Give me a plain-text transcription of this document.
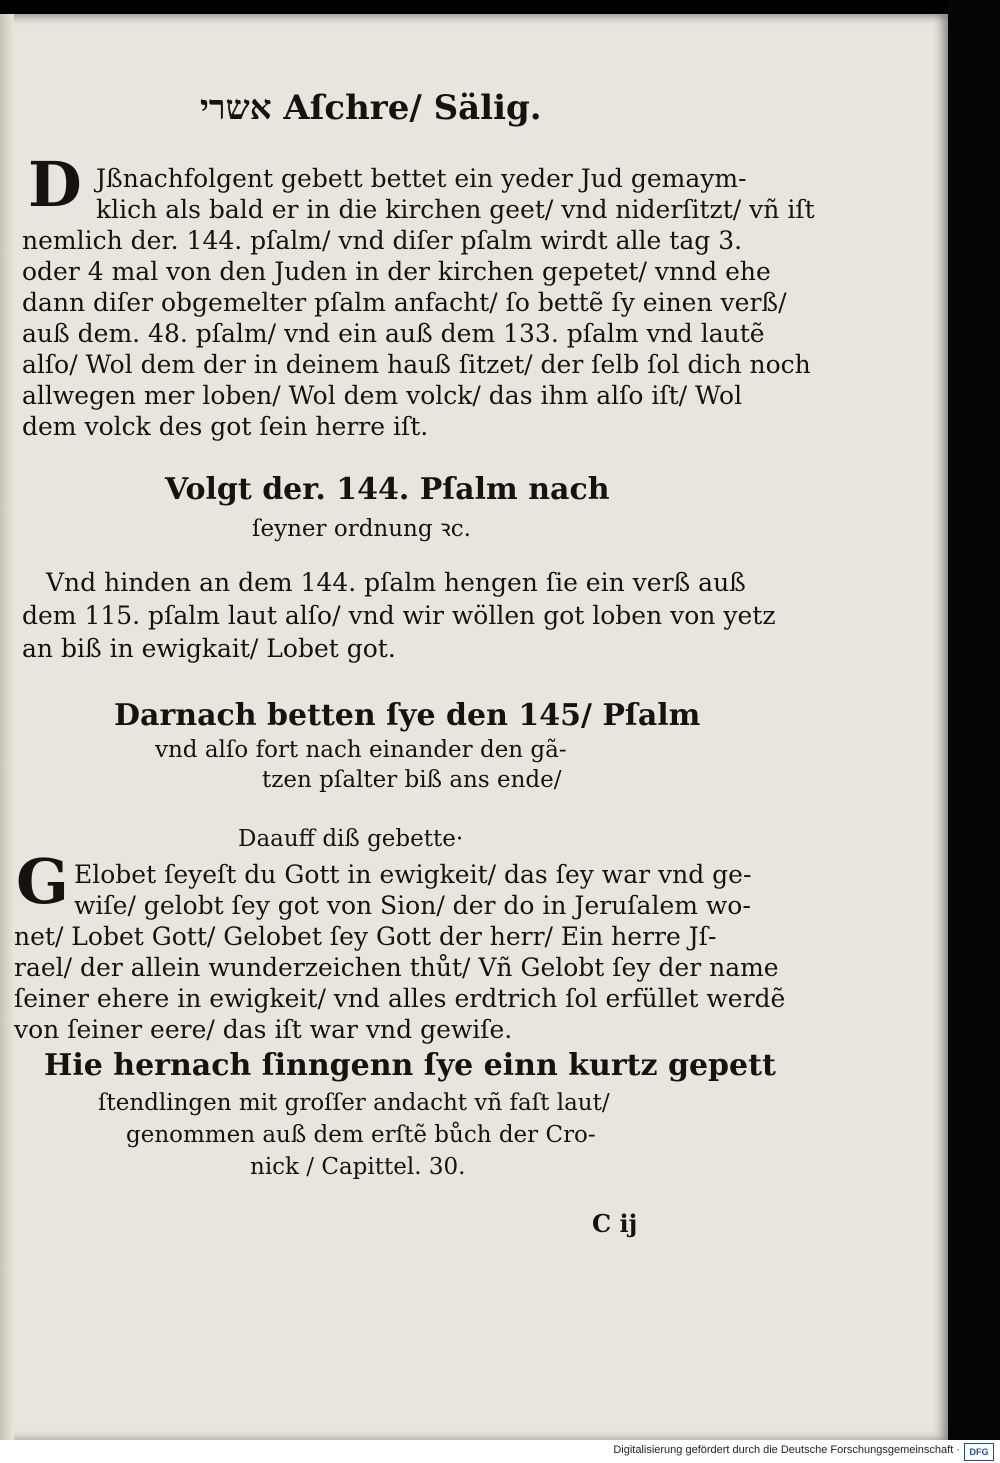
אשרי Aſchre/ Sälig.
D Jßnachfolgent gebett bettet ein yeder Jud gemaym-
klich als bald er in die kirchen geet/ vnd niderſitzt/ vñ iſt
nemlich der. 144. pſalm/ vnd diſer pſalm wirdt alle tag 3.
oder 4 mal von den Juden in der kirchen gepetet/ vnnd ehe
dann diſer obgemelter pſalm anfacht/ ſo bettẽ ſy einen verß/
auß dem. 48. pſalm/ vnd ein auß dem 133. pſalm vnd lautẽ
alſo/ Wol dem der in deinem hauß ſitzet/ der ſelb ſol dich noch
allwegen mer loben/ Wol dem volck/ das ihm alſo iſt/ Wol
dem volck des got ſein herre iſt.
Volgt der. 144. Pſalm nach
ſeyner ordnung ꝛc.
Vnd hinden an dem 144. pſalm hengen ſie ein verß auß
dem 115. pſalm laut alſo/ vnd wir wöllen got loben von yetz
an biß in ewigkait/ Lobet got.
Darnach betten ſye den 145/ Pſalm
vnd alſo fort nach einander den gã-
tzen pſalter biß ans ende/
Daauff diß gebette·
G Elobet ſeyeſt du Gott in ewigkeit/ das ſey war vnd ge-
wiſe/ gelobt ſey got von Sion/ der do in Jeruſalem wo-
net/ Lobet Gott/ Gelobet ſey Gott der herr/ Ein herre Jſ-
rael/ der allein wunderzeichen thůt/ Vñ Gelobt ſey der name
ſeiner ehere in ewigkeit/ vnd alles erdtrich ſol erfüllet werdẽ
von ſeiner eere/ das iſt war vnd gewiſe.
Hie hernach ſinngenn ſye einn kurtz gepett
ſtendlingen mit groſſer andacht vñ faſt laut/
genommen auß dem erſtẽ bůch der Cro-
nick / Capittel. 30.
C ij
Digitalisierung gefördert durch die Deutsche Forschungsgemeinschaft ·	DFG
